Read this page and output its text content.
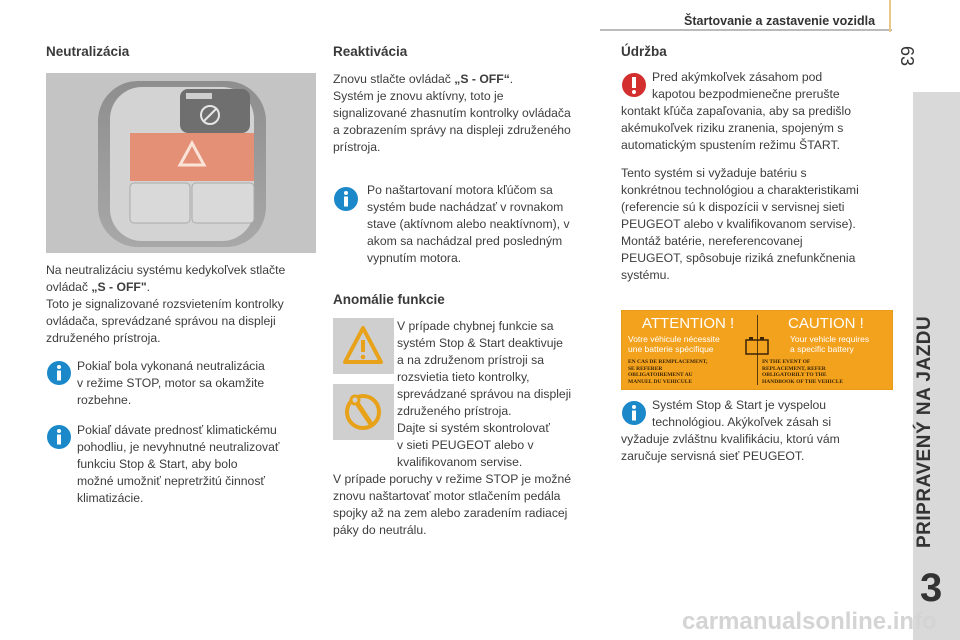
Štartovanie a zastavenie vozidla
63
PRIPRAVENÝ NA JAZDU
3
Neutralizácia

Na neutralizáciu systému kedykoľvek stlačte
ovládač „S - OFF".
Toto je signalizované rozsvietením kontrolky
ovládača, sprevádzané správou na displeji
združeného prístroja.

Pokiaľ bola vykonaná neutralizácia
v režime STOP, motor sa okamžite
rozbehne.

Pokiaľ dávate prednosť klimatickému
pohodliu, je nevyhnutné neutralizovať
funkciu Stop & Start, aby bolo
možné umožniť nepretržitú činnosť
klimatizácie.

Reaktivácia

Znovu stlačte ovládač „S - OFF“.
Systém je znovu aktívny, toto je
signalizované zhasnutím kontrolky ovládača
a zobrazením správy na displeji združeného
prístroja.

Po naštartovaní motora kľúčom sa
systém bude nachádzať v rovnakom
stave (aktívnom alebo neaktívnom), v
akom sa nachádzal pred posledným
vypnutím motora.

Anomálie funkcie

V prípade chybnej funkcie sa
systém Stop & Start deaktivuje
a na združenom prístroji sa
rozsvietia tieto kontrolky,
sprevádzané správou na displeji
združeného prístroja.
Dajte si systém skontrolovať
v sieti PEUGEOT alebo v
kvalifikovanom servise.

V prípade poruchy v režime STOP je možné
znovu naštartovať motor stlačením pedála
spojky až na zem alebo zaradením radiacej
páky do neutrálu.

Údržba

Pred akýmkoľvek zásahom pod
kapotou bezpodmienečne prerušte
kontakt kľúča zapaľovania, aby sa predišlo
akémukoľvek riziku zranenia, spojeným s
automatickým spustením režimu ŠTART.

Tento systém si vyžaduje batériu s
konkrétnou technológiou a charakteristikami
(referencie sú k dispozícii v servisnej sieti
PEUGEOT alebo v kvalifikovanom servise).
Montáž batérie, nereferencovanej
PEUGEOT, spôsobuje riziká znefunkčnenia
systému.

ATTENTION !	CAUTION !
Votre véhicule nécessite
une batterie spécifique
Your vehicle requires
a specific battery
EN CAS DE REMPLACEMENT,
SE REFERER
OBLIGATOIREMENT AU
MANUEL DU VEHICULE
IN THE EVENT OF
REPLACEMENT, REFER
OBLIGATORILY TO THE
HANDBOOK OF THE VEHICLE

Systém Stop & Start je vyspelou
technológiou. Akýkoľvek zásah si
vyžaduje zvláštnu kvalifikáciu, ktorú vám
zaručuje servisná sieť PEUGEOT.

carmanualsonline.info
